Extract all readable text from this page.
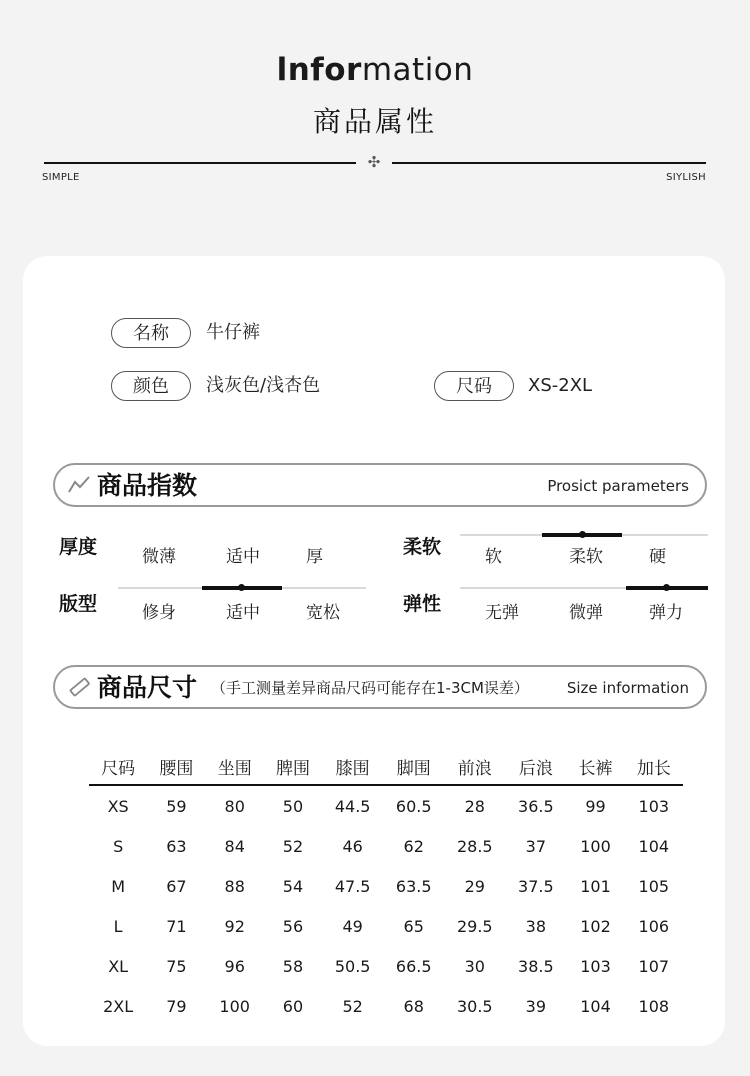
lnformation
商品属性
✣
SIMPLE	SIYLISH
名称	牛仔裤
颜色	浅灰色/浅杏色	尺码	XS-2XL
商品指数	Prosict parameters
厚度	微薄	适中	厚	柔软	软	柔软	硬
版型	修身	适中	宽松	弹性	无弹	微弹	弹力
商品尺寸 （手工测量差异商品尺码可能存在1-3CM误差）	Size information
尺码	腰围	坐围	脾围	膝围	脚围	前浪	后浪	长裤	加长
XS	59	80	50	44.5	60.5	28	36.5	99	103
S	63	84	52	46	62	28.5	37	100	104
M	67	88	54	47.5	63.5	29	37.5	101	105
L	71	92	56	49	65	29.5	38	102	106
XL	75	96	58	50.5	66.5	30	38.5	103	107
2XL	79	100	60	52	68	30.5	39	104	108
